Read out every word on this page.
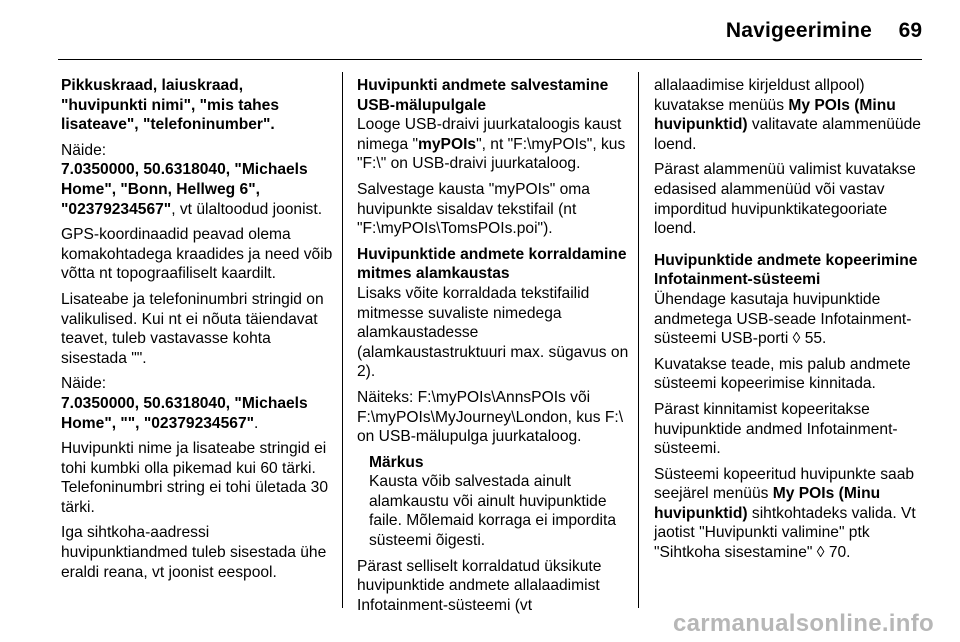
Navigeerimine 69

Pikkuskraad, laiuskraad, "huvipunkti nimi", "mis tahes lisateave", "telefoninumber".

Näide:
7.0350000, 50.6318040, "Michaels Home", "Bonn, Hellweg 6", "02379234567", vt ülaltoodud joonist.

GPS-koordinaadid peavad olema komakohtadega kraadides ja need võib võtta nt topograafiliselt kaardilt.

Lisateabe ja telefoninumbri stringid on valikulised. Kui nt ei nõuta täiendavat teavet, tuleb vastavasse kohta sisestada "".

Näide:
7.0350000, 50.6318040, "Michaels Home", "", "02379234567".

Huvipunkti nime ja lisateabe stringid ei tohi kumbki olla pikemad kui 60 tärki. Telefoninumbri string ei tohi ületada 30 tärki.

Iga sihtkoha-aadressi huvipunktiandmed tuleb sisestada ühe eraldi reana, vt joonist eespool.

Huvipunkti andmete salvestamine USB-mälupulgale

Looge USB-draivi juurkataloogis kaust nimega "myPOIs", nt "F:\myPOIs", kus "F:\" on USB-draivi juurkataloog.

Salvestage kausta "myPOIs" oma huvipunkte sisaldav tekstifail (nt "F:\myPOIs\TomsPOIs.poi").

Huvipunktide andmete korraldamine mitmes alamkaustas

Lisaks võite korraldada tekstifailid mitmesse suvaliste nimedega alamkaustadesse (alamkaustastruktuuri max. sügavus on 2).

Näiteks: F:\myPOIs\AnnsPOIs või F:\myPOIs\MyJourney\London, kus F:\ on USB-mälupulga juurkataloog.

Märkus
Kausta võib salvestada ainult alamkaustu või ainult huvipunktide faile. Mõlemaid korraga ei impordita süsteemi õigesti.

Pärast selliselt korraldatud üksikute huvipunktide andmete allalaadimist Infotainment-süsteemi (vt

allalaadimise kirjeldust allpool) kuvatakse menüüs My POIs (Minu huvipunktid) valitavate alammenüüde loend.

Pärast alammenüü valimist kuvatakse edasised alammenüüd või vastav imporditud huvipunktikategooriate loend.

Huvipunktide andmete kopeerimine Infotainment-süsteemi

Ühendage kasutaja huvipunktide andmetega USB-seade Infotainment-süsteemi USB-porti ◊ 55.

Kuvatakse teade, mis palub andmete süsteemi kopeerimise kinnitada.

Pärast kinnitamist kopeeritakse huvipunktide andmed Infotainment-süsteemi.

Süsteemi kopeeritud huvipunkte saab seejärel menüüs My POIs (Minu huvipunktid) sihtkohtadeks valida. Vt jaotist "Huvipunkti valimine" ptk "Sihtkoha sisestamine" ◊ 70.

carmanualsonline.info
